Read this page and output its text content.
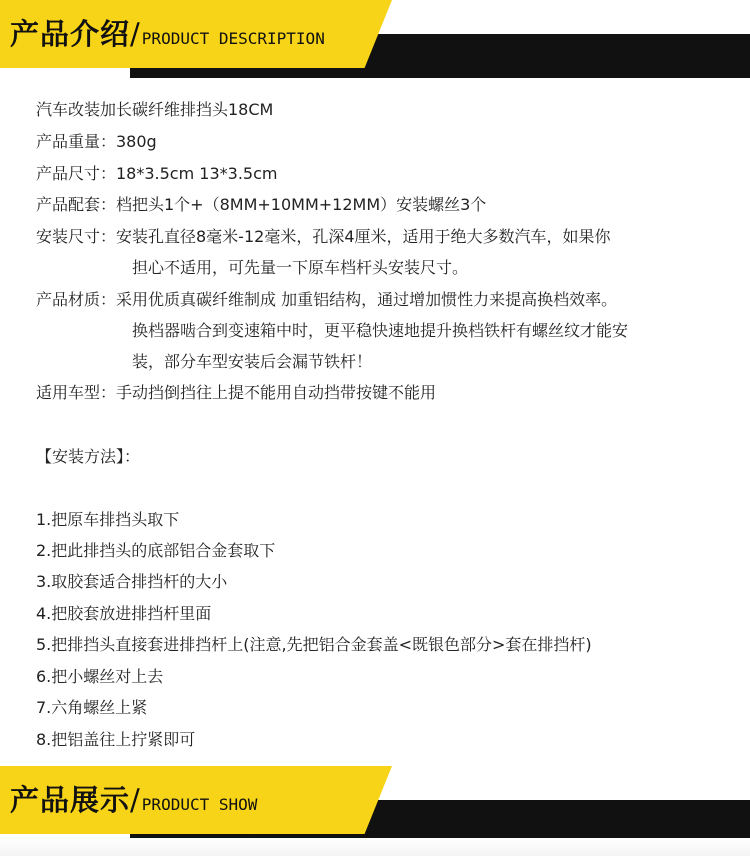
产品介绍 / PRODUCT DESCRIPTION
汽车改装加长碳纤维排挡头18CM
产品重量：380g
产品尺寸：18*3.5cm 13*3.5cm
产品配套：档把头1个+（8MM+10MM+12MM）安装螺丝3个
安装尺寸：安装孔直径8毫米-12毫米，孔深4厘米，适用于绝大多数汽车，如果你
担心不适用，可先量一下原车档杆头安装尺寸。
产品材质：采用优质真碳纤维制成 加重铝结构，通过增加惯性力来提高换档效率。
换档器啮合到变速箱中时，更平稳快速地提升换档铁杆有螺丝纹才能安
装，部分车型安装后会漏节铁杆！
适用车型：手动挡倒挡往上提不能用自动挡带按键不能用
【安装方法】：
1.把原车排挡头取下
2.把此排挡头的底部铝合金套取下
3.取胶套适合排挡杆的大小
4.把胶套放进排挡杆里面
5.把排挡头直接套进排挡杆上(注意,先把铝合金套盖<既银色部分>套在排挡杆)
6.把小螺丝对上去
7.六角螺丝上紧
8.把铝盖往上拧紧即可
产品展示 / PRODUCT SHOW
